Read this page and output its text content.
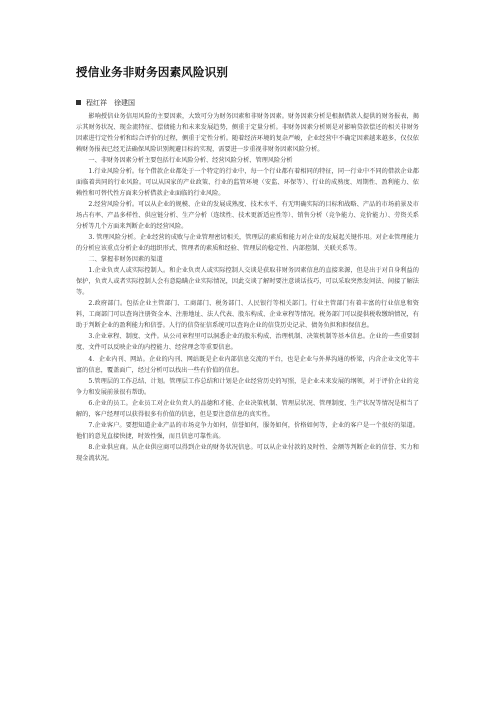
授信业务非财务因素风险识别
程红祥　徐建国

影响授信业务信用风险的主要因素，大致可分为财务因素和非财务因素。财务因素分析是根据借款人提供的财务报表，揭示其财务状况、现金流特征、偿债能力和未来发展趋势，侧重于定量分析。非财务因素分析则是对影响贷款偿还的相关非财务因素进行定性分析和综合评价的过程，侧重于定性分析。随着经济环境的复杂严峻，企业经营中不确定因素越来越多，仅仅依赖财务报表已经无法确保风险识别规避目标的实现，需要进一步重视非财务因素风险分析。

一、非财务因素分析主要包括行业风险分析、经营风险分析、管理风险分析

1.行业风险分析。每个借款企业都处于一个特定的行业中，每一个行业都有着相同的特征，同一行业中不同的借款企业都面临着共同的行业风险。可以从国家的产业政策、行业的监管环境（安监、环保等）、行业的成熟度、周期性、盈利能力、依赖性和可替代性方面来分析借款企业面临的行业风险。

2.经营风险分析。可以从企业的规模、企业的发展成熟度、技术水平、有无明确实际的目标和战略、产品的市场前景及市场占有率、产品多样性、供应链分析、生产分析（连续性、技术更新适应性等）、销售分析（竞争能力、竞价能力）、劳资关系分析等几个方面来判断企业的经营风险。

3. 管理风险分析。企业经营的成败与企业管理密切相关，管理层的素质和能力对企业的发展起关键作用。对企业管理能力的分析应该重点分析企业的组织形式、管理者的素质和经验、管理层的稳定性、内部控制、关联关系等。

二、掌握非财务因素的渠道

1.企业负责人或实际控制人。和企业负责人或实际控制人交谈是获取非财务因素信息的直接来源，但是出于对自身利益的保护，负责人或者实际控制人会有意隐瞒企业实际情况，因此交谈了解时要注意谈话技巧，可以采取突然发问法、间接了解法等。

2.政府部门。包括企业主管部门、工商部门、税务部门、人民银行等相关部门。行业主管部门有着丰富的行业信息和资料，工商部门可以查询注册资金本、注册地址、法人代表、股东构成、企业章程等情况。税务部门可以提供税收缴纳情况，有助于判断企业的盈利能力和信誉。人行的信贷征信系统可以查询企业的信贷历史记录、债务负担和担保信息。

3.企业章程、制度、文件。从公司章程里可以洞悉企业的股东构成、治理机制、决策机制等基本信息。企业的一些重要制度、文件可以反映企业的内控能力、经营理念等重要信息。

4．企业内刊、网站。企业的内刊、网站既是企业内部信息交流的平台，也是企业与外界沟通的桥梁，内含企业文化等丰富的信息，覆盖面广，经过分析可以找出一些有价值的信息。

5.管理层的工作总结、计划。管理层工作总结和计划是企业经营历史的写照，是企业未来发展的纲领，对于评价企业的竞争力和发展前景很有帮助。

6.企业的员工。企业员工对企业负责人的品德和才能、企业决策机制、管理层状况、管理制度、生产状况等情况是相当了解的，客户经理可以获得很多有价值的信息，但是要注意信息的真实性。

7.企业客户。要想知道企业产品的市场竞争力如何，信誉如何，服务如何，价格如何等，企业的客户是一个很好的渠道。他们的意见直接快捷，时效性强，而且信息可靠性高。

8.企业供应商。从企业供应商可以得到企业的财务状况信息。可以从企业付款的及时性、金额等判断企业的信誉、实力和现金流状况。
